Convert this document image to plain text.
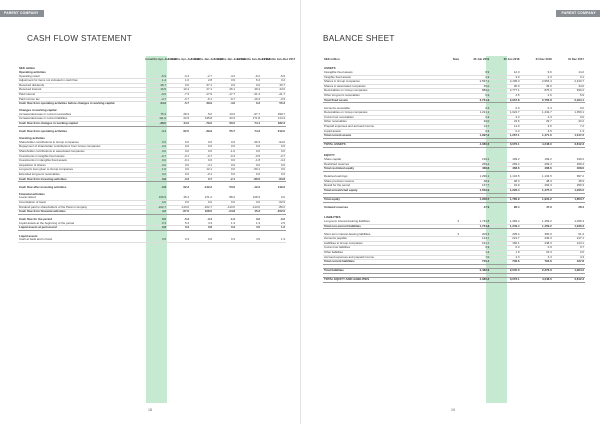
PARENT COMPANY
CASH FLOW STATEMENT
	3 months Apr–Jun 2019	3 months Apr–Jun 2018	6 months Jan–Jun 2019	6 months Jan–Jun 2018	12 months Jan–Dec 2018	12 months Jan–Dec 2017
SEK million						
Operating activities						
Operating result	-6.9	-3.4	-2.7	-4.2	-6.2	-5.6
Adjustment for items not included in cash flow	1.4	1.6	2.8	3.9	6.4	3.2
Received dividends	36.7	0.0	37.1	0.0	0.0	43.7
Received interest	16.5	10.4	27.1	26.1	49.4	44.0
Paid interest	-9.5	-7.3	-17.9	-17.7	-31.3	-21.7
Paid income tax	-3.7	-0.7	-6.1	-9.7	-16.3	-3.9
Cash flow from operating activities before changes in working capital	34.2	-5.7	39.9	-4.6	0.3	55.3

Changes in working capital						
Increase/decrease in current receivables	75.3	28.3	5.0	13.0	-97.7	299.7
Increase/decrease in current liabilities	111.9	22.9	135.8	43.3	171.8	114.3
Cash flow from changes in working capital	-38.5	44.2	-79.0	60.0	74.1	182.3

Cash flow from operating activities	-4.1	62.5	-39.9	55.7	74.3	212.0

Investing activities						
Shareholder contributions to Group companies	0.0	0.0	0.0	0.0	-39.3	-94.6
Repayment of shareholder contributions from Group companies	0.0	0.0	0.0	0.0	0.6	0.0
Shareholder contributions to associated companies	0.0	0.0	0.0	-1.0	0.0	0.0
Investments in tangible fixed assets	-0.7	-0.1	-0.7	-0.4	-0.5	-0.7
Investments in intangible fixed assets	0.0	-0.1	0.0	0.0	-1.8	-4.4
Acquisition of shares	0.0	0.0	-4.1	0.0	0.0	0.0
Long-term loan given to Group companies	1.5	0.0	12.1	0.0	-50.1	0.0
Extended long-term receivables	0.0	0.0	-0.1	0.0	0.0	0.0
Cash flow from investing activities	0.8	-0.3	0.7	-2.1	-86.6	-63.8

Cash flow after investing activities	-3.8	62.3	-142.2	53.6	-12.3	149.2

Financial activities						
Loans raised	166.9	45.4	271.2	88.2	128.3	0.0
Amortisation of loans	0.0	0.0	0.0	0.0	0.0	-62.9
Dividend paid to shareholders of the Parent company	-162.7	-113.0	-162.7	-113.0	-113.0	-89.2
Cash flow from financial activities	4.2	-67.6	108.5	-24.8	15.3	-152.0

Cash flow for the period	0.5	-5.3	-3.4	-1.0	3.2	-0.2
Liquid assets at the beginning of the period	0.3	5.4	4.3	1.3	1.3	2.5
Liquid assets at period-end	0.8	0.3	0.8	0.3	4.5	1.2

Liquid assets						
Cash at bank and in hand	0.8	0.3	0.8	0.3	4.5	1.3
18
PARENT COMPANY
BALANCE SHEET
SEK million	Note	30 Jun 2019	30 Jun 2018	31 Dec 2018	31 Dec 2017
ASSETS					
Intangible fixed assets		8.9	12.0	9.6	14.2
Tangible fixed assets		2.3	3.0	2.3	3.1
Shares in Group companies		2,597.1	2,105.3	2,554.4	2,310.7
Shares in associated companies		45.0	36.0	45.0	34.0
Receivables on Group companies		880.0	2,777.1	875.3	930.2
Other long-term receivables		6.9	4.5	2.6	6.9
Total fixed assets		3,731.9	2,937.8	2,756.8	2,494.1

Accounts receivable		0.4	0.0	0.4	0.0
Receivables on Group companies		1,221.1	1,022.7	1,442.7	1,350.1
Current tax receivables		2.3	4.3	4.3	0.0
Other receivables		30.0	23.6	29.7	33.2
Prepaid expenses and accrued income		13.7	11.0	3.5	7.2
Liquid assets		0.3	0.3	4.5	1.3
Total current assets		1,997.2	1,267.1	1,471.6	1,317.2

TOTAL ASSETS		4,080.6	3,076.1	4,248.0	3,812.3

EQUITY					
Share capital		199.2	199.2	199.2	199.2
Restricted reserves		269.4	269.4	269.4	269.4
Total restricted equity		468.6	468.6	468.6	468.6

Retained earnings		1,296.1	1,134.5	1,134.5	997.2
Share premium reserve		48.3	48.3	48.3	48.3
Result for the period		167.7	43.9	292.3	250.3
Total unrestricted equity		1,503.9	1,226.4	1,475.0	1,295.2

Total equity		1,958.5	1,785.9	1,934.2	1,853.7

Untaxed reserves		47.9	28.4	47.9	28.4

LIABILITIES					
Long-term interest-bearing liabilities	3	1,734.8	1,369.4	1,459.2	1,036.3
Total non-current liabilities		1,734.8	1,249.4	1,459.2	1,036.3

Short-term interest-bearing liabilities	3	200.3	205.4	350.0	61.3
Accounts payable		143.7	221.7	246.3	217.1
Liabilities to Group companies		191.7	166.1	248.3	124.1
Current tax liabilities		0.9	0.3	0.9	0.7
Other liabilities		1.3	1.9	16.3	2.0
Accrued expenses and prepaid income		7.0	4.3	4.3	4.3
Total current liabilities		740.4	736.6	794.6	427.8

Total liabilities		2,482.6	2,045.0	2,276.9	1,964.2

TOTAL EQUITY AND LIABILITIES		4,080.6	3,076.1	4,248.0	3,812.3
19
